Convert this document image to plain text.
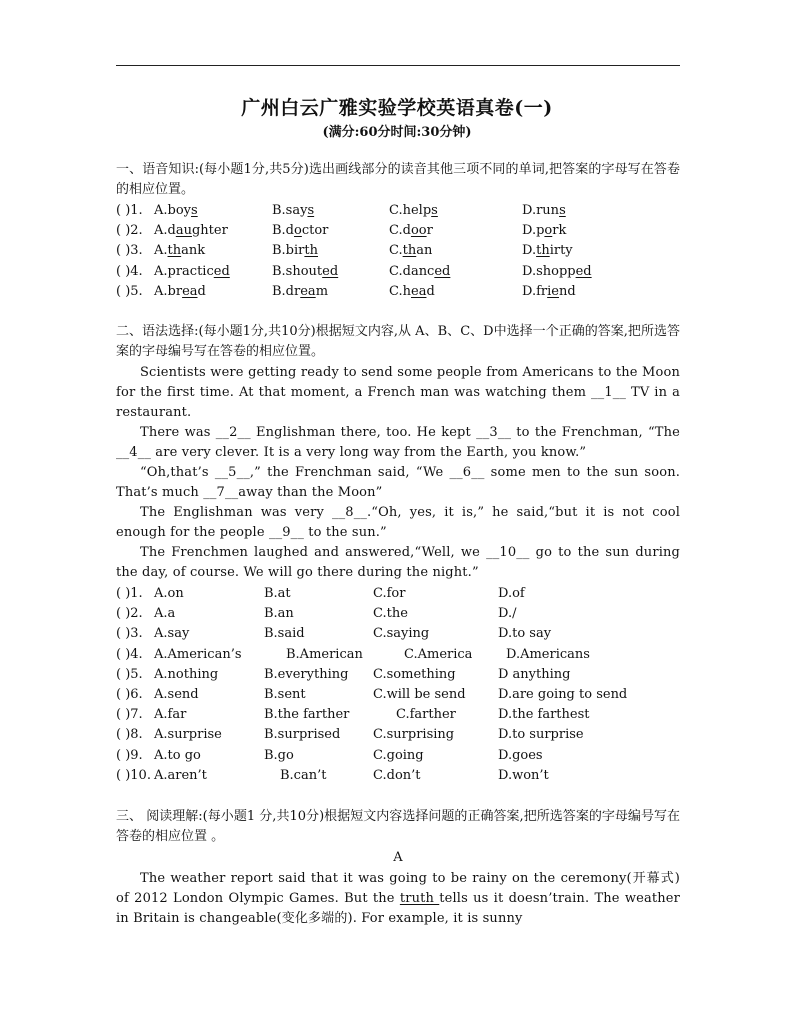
广州白云广雅实验学校英语真卷(一)
(满分:60分时间:30分钟)
一、语音知识:(每小题1分,共5分)选出画线部分的读音其他三项不同的单词,把答案的字母写在答卷的相应位置。
( )1. A.boys	B.says	C.helps	D.runs
( )2. A.daughter	B.doctor	C.door	D.pork
( )3. A.thank	B.birth	C.than	D.thirty
( )4. A.practiced	B.shouted	C.danced	D.shopped
( )5. A.bread	B.dream	C.head	D.friend
二、语法选择:(每小题1分,共10分)根据短文内容,从 A、B、C、D中选择一个正确的答案,把所选答案的字母编号写在答卷的相应位置。
Scientists were getting ready to send some people from Americans to the Moon for the first time. At that moment, a French man was watching them __1__ TV in a restaurant.
There was __2__ Englishman there, too. He kept __3__ to the Frenchman, “The __4__ are very clever. It is a very long way from the Earth, you know.”
“Oh,that’s __5__,” the Frenchman said, “We __6__ some men to the sun soon. That’s much __7__away than the Moon”
The Englishman was very __8__.“Oh, yes, it is,” he said,“but it is not cool enough for the people __9__ to the sun.”
The Frenchmen laughed and answered,“Well, we __10__ go to the sun during the day, of course. We will go there during the night.”
( )1. A.on	B.at	C.for	D.of
( )2. A.a	B.an	C.the	D./
( )3. A.say	B.said	C.saying	D.to say
( )4. A.American’s	B.American	C.America	D.Americans
( )5. A.nothing	B.everything C.something	D anything
( )6. A.send	B.sent	C.will be send D.are going to send
( )7. A.far	B.the farther	C.farther	D.the farthest
( )8. A.surprise	B.surprised	C.surprising	D.to surprise
( )9. A.to go	B.go	C.going	D.goes
( )10. A.aren’t	B.can’t	C.don’t	D.won’t
三、 阅读理解:(每小题1 分,共10分)根据短文内容选择问题的正确答案,把所选答案的字母编号写在答卷的相应位置 。
A
The weather report said that it was going to be rainy on the ceremony(开幕式) of 2012 London Olympic Games. But the truth tells us it doesn’train. The weather in Britain is changeable(变化多端的). For example, it is sunny
